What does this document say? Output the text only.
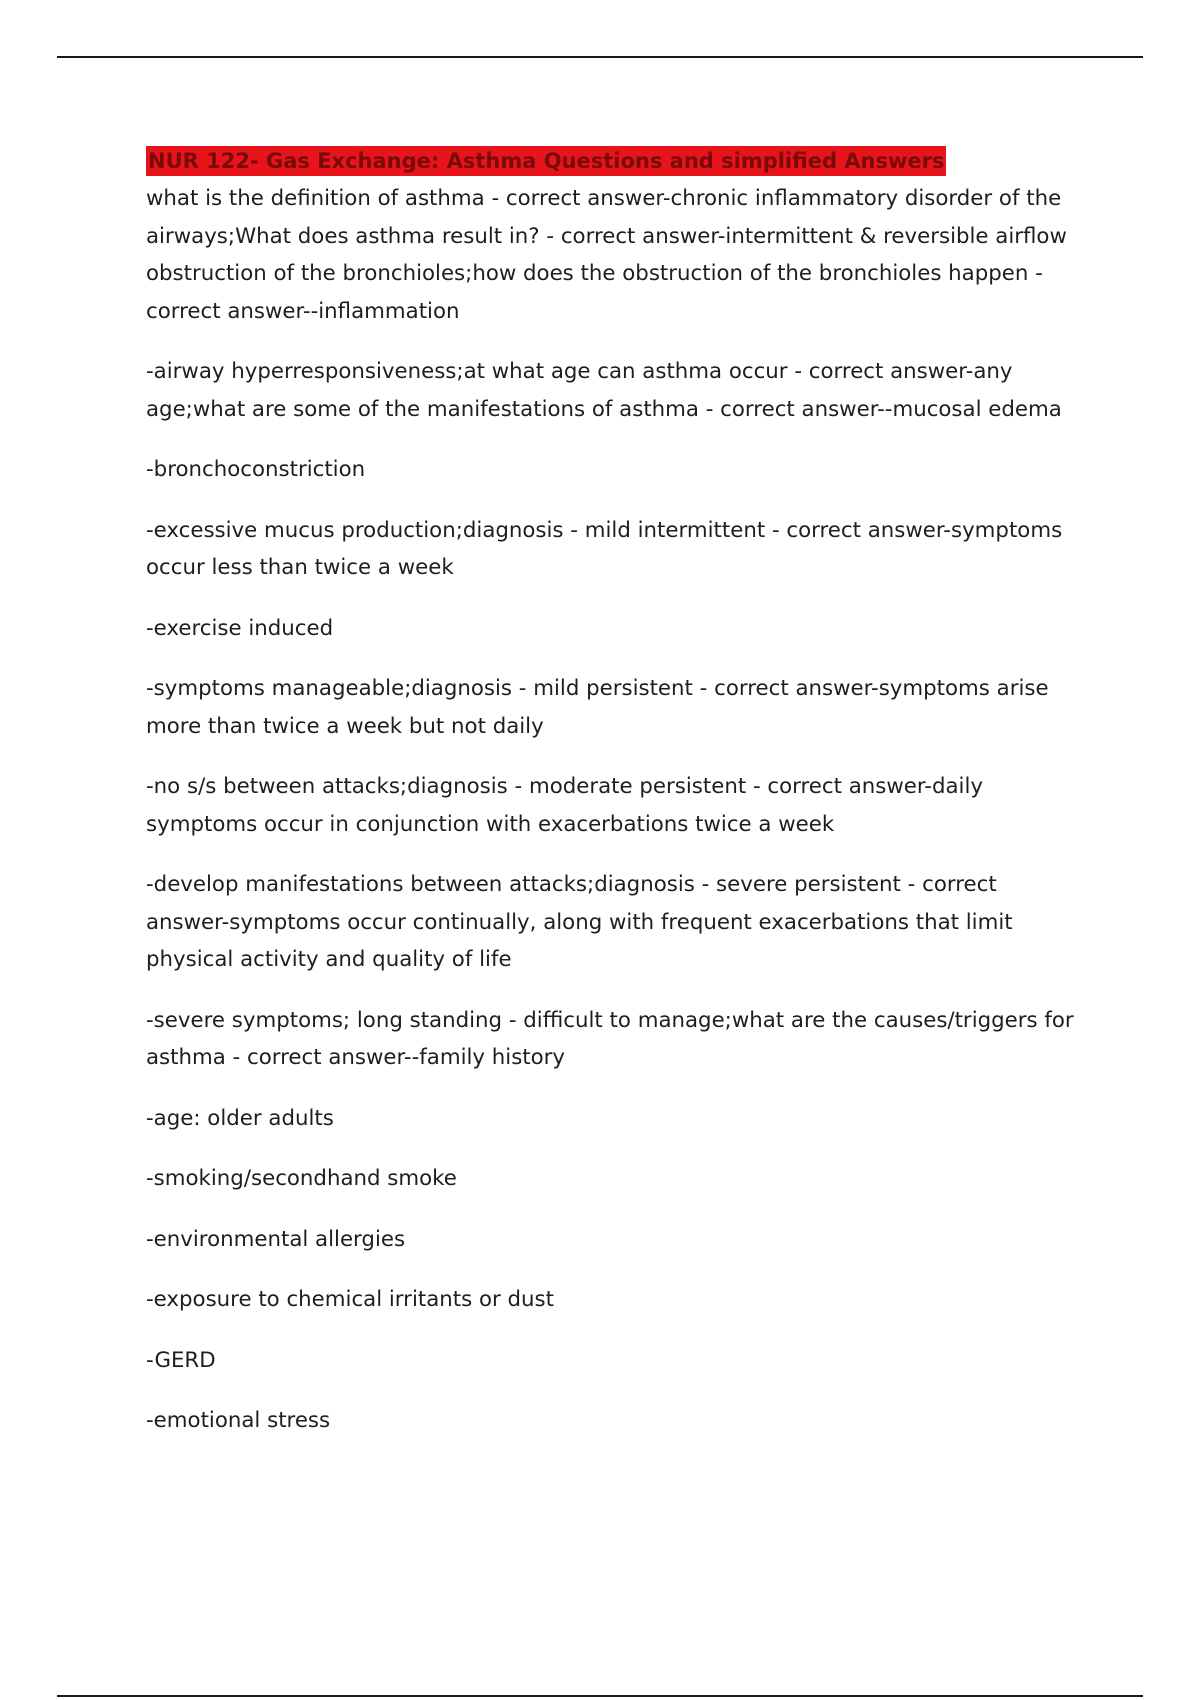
NUR 122- Gas Exchange: Asthma Questions and simplified Answers
what is the definition of asthma - correct answer-chronic inflammatory disorder of the airways;What does asthma result in? - correct answer-intermittent & reversible airflow obstruction of the bronchioles;how does the obstruction of the bronchioles happen - correct answer--inflammation
-airway hyperresponsiveness;at what age can asthma occur - correct answer-any age;what are some of the manifestations of asthma - correct answer--mucosal edema
-bronchoconstriction
-excessive mucus production;diagnosis - mild intermittent - correct answer-symptoms occur less than twice a week
-exercise induced
-symptoms manageable;diagnosis - mild persistent - correct answer-symptoms arise more than twice a week but not daily
-no s/s between attacks;diagnosis - moderate persistent - correct answer-daily symptoms occur in conjunction with exacerbations twice a week
-develop manifestations between attacks;diagnosis - severe persistent - correct answer-symptoms occur continually, along with frequent exacerbations that limit physical activity and quality of life
-severe symptoms; long standing - difficult to manage;what are the causes/triggers for asthma - correct answer--family history
-age: older adults
-smoking/secondhand smoke
-environmental allergies
-exposure to chemical irritants or dust
-GERD
-emotional stress
